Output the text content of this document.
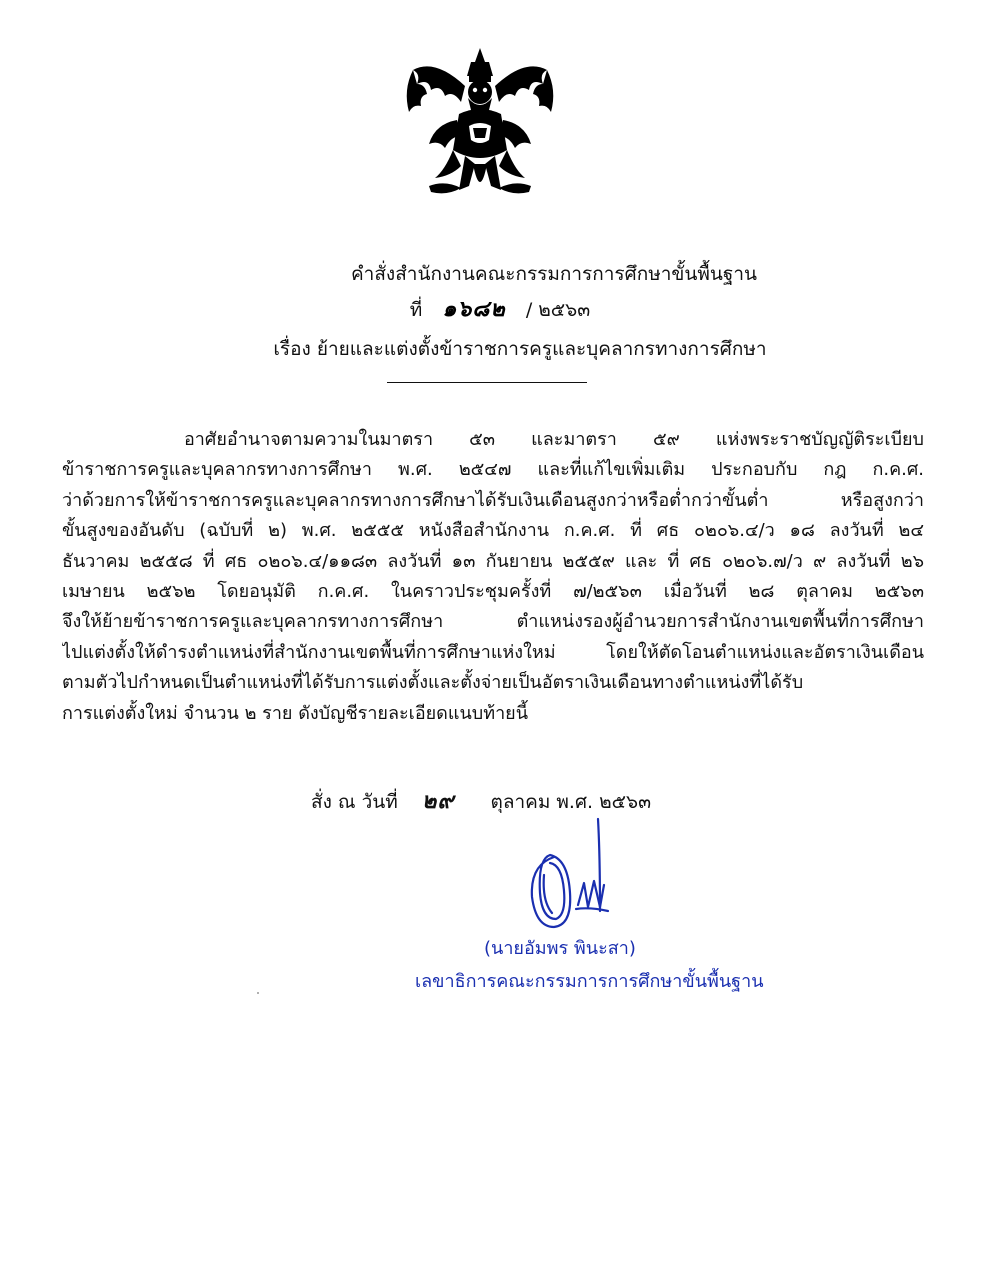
คำสั่งสำนักงานคณะกรรมการการศึกษาขั้นพื้นฐาน
ที่ ๑๖๘๒ / ๒๕๖๓
เรื่อง ย้ายและแต่งตั้งข้าราชการครูและบุคลากรทางการศึกษา
อาศัยอำนาจตามความในมาตรา ๕๓ และมาตรา ๕๙ แห่งพระราชบัญญัติระเบียบ
ข้าราชการครูและบุคลากรทางการศึกษา พ.ศ. ๒๕๔๗ และที่แก้ไขเพิ่มเติม ประกอบกับ กฎ ก.ค.ศ.
ว่าด้วยการให้ข้าราชการครูและบุคลากรทางการศึกษาได้รับเงินเดือนสูงกว่าหรือต่ำกว่าขั้นต่ำ หรือสูงกว่า
ขั้นสูงของอันดับ (ฉบับที่ ๒) พ.ศ. ๒๕๕๕ หนังสือสำนักงาน ก.ค.ศ. ที่ ศธ ๐๒๐๖.๔/ว ๑๘ ลงวันที่ ๒๔
ธันวาคม ๒๕๕๘ ที่ ศธ ๐๒๐๖.๔/๑๑๘๓ ลงวันที่ ๑๓ กันยายน ๒๕๕๙ และ ที่ ศธ ๐๒๐๖.๗/ว ๙ ลงวันที่ ๒๖
เมษายน ๒๕๖๒ โดยอนุมัติ ก.ค.ศ. ในคราวประชุมครั้งที่ ๗/๒๕๖๓ เมื่อวันที่ ๒๘ ตุลาคม ๒๕๖๓
จึงให้ย้ายข้าราชการครูและบุคลากรทางการศึกษา ตำแหน่งรองผู้อำนวยการสำนักงานเขตพื้นที่การศึกษา
ไปแต่งตั้งให้ดำรงตำแหน่งที่สำนักงานเขตพื้นที่การศึกษาแห่งใหม่ โดยให้ตัดโอนตำแหน่งและอัตราเงินเดือน
ตามตัวไปกำหนดเป็นตำแหน่งที่ได้รับการแต่งตั้งและตั้งจ่ายเป็นอัตราเงินเดือนทางตำแหน่งที่ได้รับ
การแต่งตั้งใหม่ จำนวน ๒ ราย ดังบัญชีรายละเอียดแนบท้ายนี้
สั่ง ณ วันที่ ๒๙ ตุลาคม พ.ศ. ๒๕๖๓
(นายอัมพร พินะสา)
เลขาธิการคณะกรรมการการศึกษาขั้นพื้นฐาน
